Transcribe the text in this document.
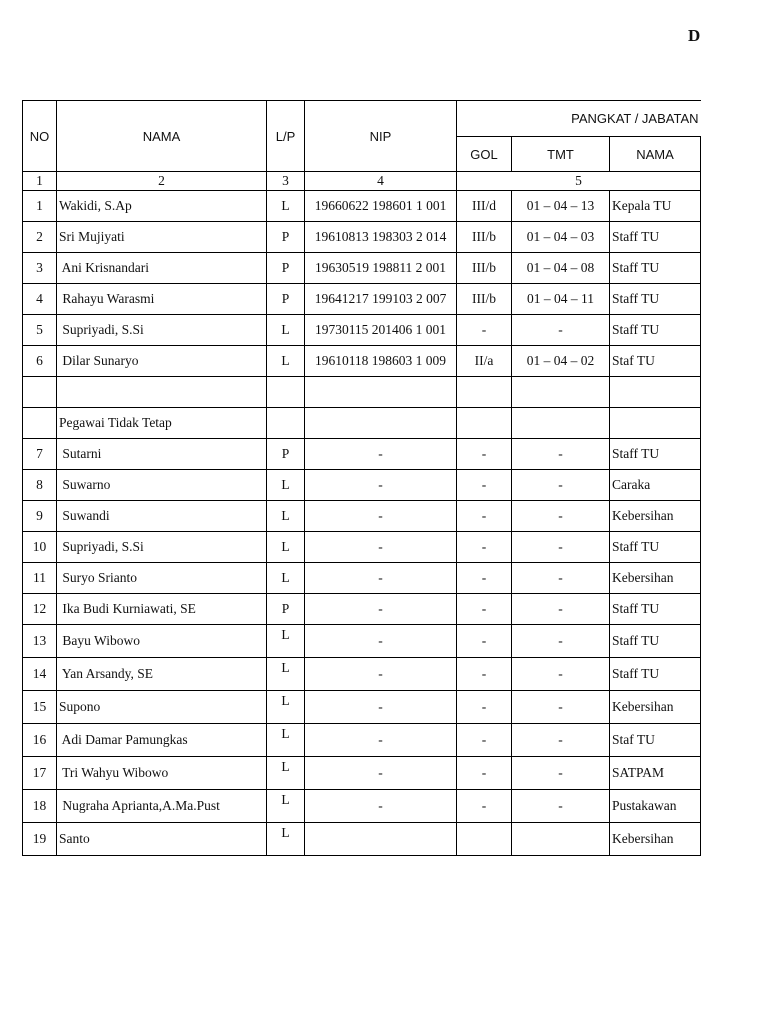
D
NO	NAMA	L/P	NIP	PANGKAT / JABATAN		
				GOL	TMT	NAMA
1	2	3	4	5		
1	Wakidi, S.Ap	L	19660622 198601 1 001	III/d	01 – 04 – 13	Kepala TU
2	Sri Mujiyati	P	19610813 198303 2 014	III/b	01 – 04 – 03	Staff TU
3	Ani Krisnandari	P	19630519 198811 2 001	III/b	01 – 04 – 08	Staff TU
4	Rahayu Warasmi	P	19641217 199103 2 007	III/b	01 – 04 – 11	Staff TU
5	Supriyadi, S.Si	L	19730115 201406 1 001	-	-	Staff TU
6	Dilar Sunaryo	L	19610118 198603 1 009	II/a	01 – 04 – 02	Staf TU

	Pegawai Tidak Tetap					
7	Sutarni	P	-	-	-	Staff TU
8	Suwarno	L	-	-	-	Caraka
9	Suwandi	L	-	-	-	Kebersihan
10	Supriyadi, S.Si	L	-	-	-	Staff TU
11	Suryo Srianto	L	-	-	-	Kebersihan
12	Ika Budi Kurniawati, SE	P	-	-	-	Staff TU
13	Bayu Wibowo	L	-	-	-	Staff TU
14	Yan Arsandy, SE	L	-	-	-	Staff TU
15	Supono	L	-	-	-	Kebersihan
16	Adi Damar Pamungkas	L	-	-	-	Staf TU
17	Tri Wahyu Wibowo	L	-	-	-	SATPAM
18	Nugraha Aprianta,A.Ma.Pust	L	-	-	-	Pustakawan
19	Santo	L				Kebersihan
